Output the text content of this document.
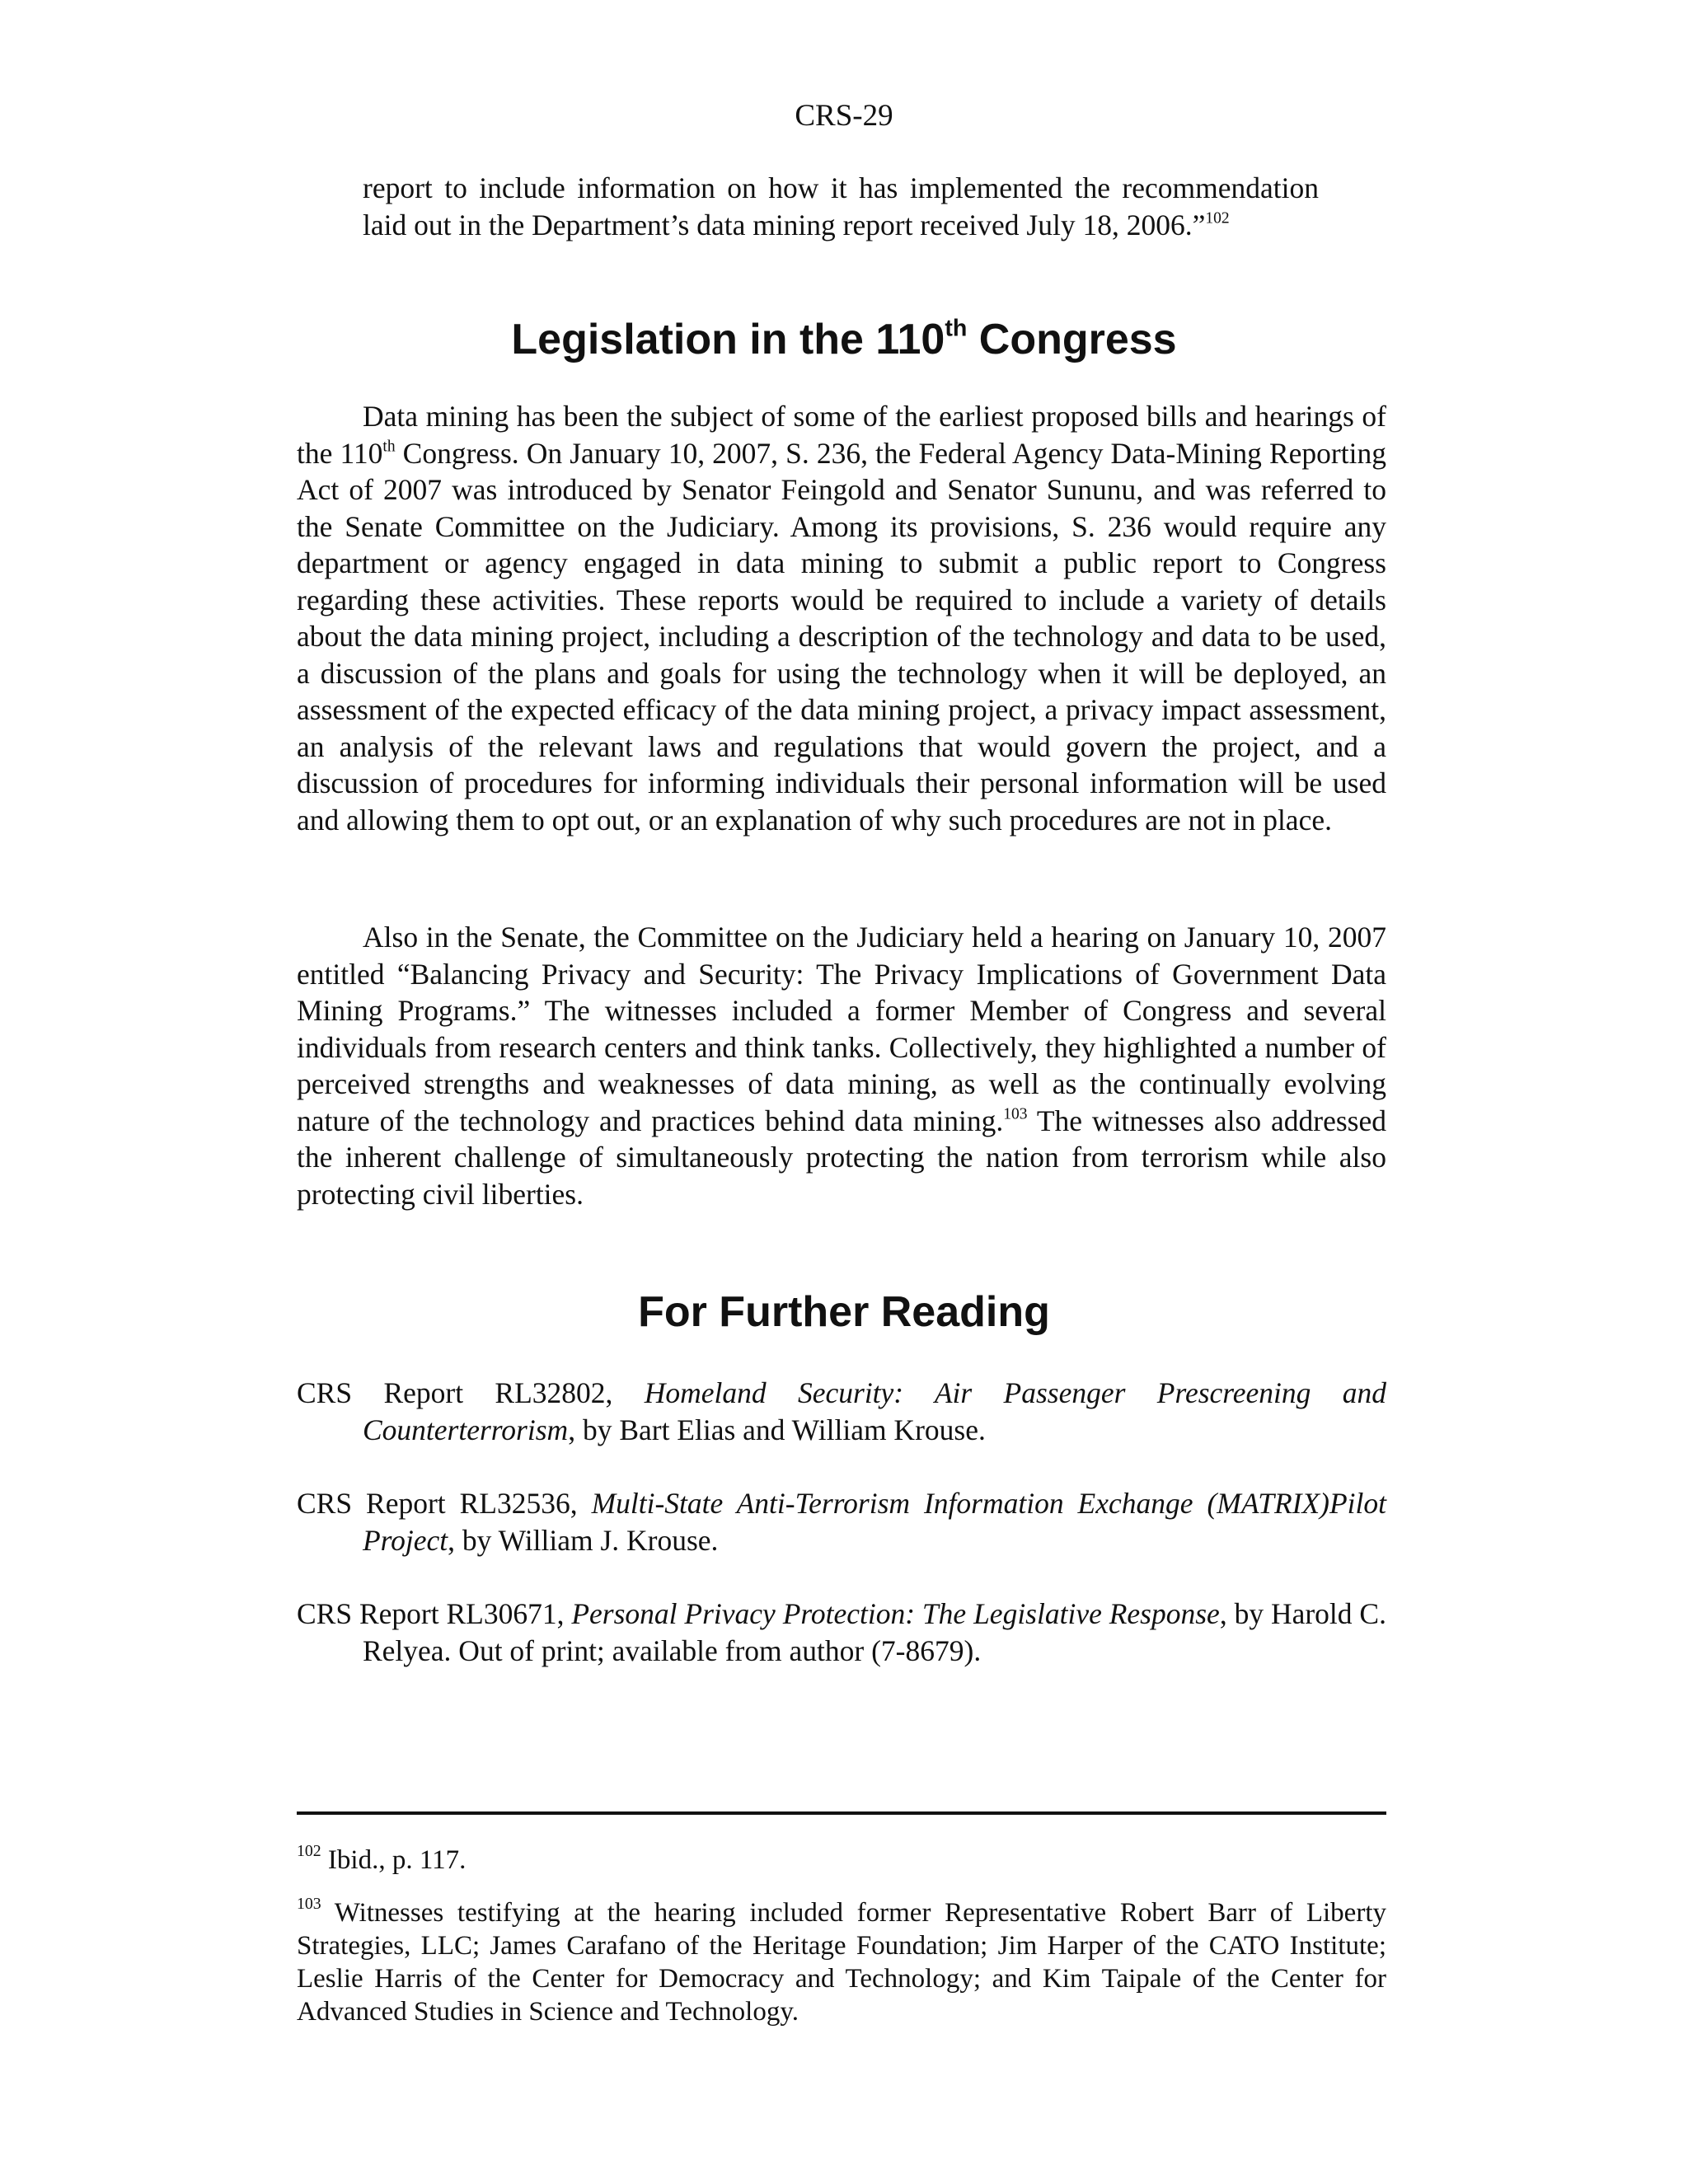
CRS-29

report to include information on how it has implemented the recommendation laid out in the Department’s data mining report received July 18, 2006.”$^{102}$

Legislation in the 110th Congress

Data mining has been the subject of some of the earliest proposed bills and hearings of the 110th Congress. On January 10, 2007, S. 236, the Federal Agency Data-Mining Reporting Act of 2007 was introduced by Senator Feingold and Senator Sununu, and was referred to the Senate Committee on the Judiciary. Among its provisions, S. 236 would require any department or agency engaged in data mining to submit a public report to Congress regarding these activities. These reports would be required to include a variety of details about the data mining project, including a description of the technology and data to be used, a discussion of the plans and goals for using the technology when it will be deployed, an assessment of the expected efficacy of the data mining project, a privacy impact assessment, an analysis of the relevant laws and regulations that would govern the project, and a discussion of procedures for informing individuals their personal information will be used and allowing them to opt out, or an explanation of why such procedures are not in place.

Also in the Senate, the Committee on the Judiciary held a hearing on January 10, 2007 entitled “Balancing Privacy and Security: The Privacy Implications of Government Data Mining Programs.” The witnesses included a former Member of Congress and several individuals from research centers and think tanks. Collectively, they highlighted a number of perceived strengths and weaknesses of data mining, as well as the continually evolving nature of the technology and practices behind data mining.$^{103}$ The witnesses also addressed the inherent challenge of simultaneously protecting the nation from terrorism while also protecting civil liberties.

For Further Reading

CRS Report RL32802, Homeland Security: Air Passenger Prescreening and Counterterrorism, by Bart Elias and William Krouse.

CRS Report RL32536, Multi-State Anti-Terrorism Information Exchange (MATRIX)Pilot Project, by William J. Krouse.

CRS Report RL30671, Personal Privacy Protection: The Legislative Response, by Harold C. Relyea. Out of print; available from author (7-8679).

$^{102}$ Ibid., p. 117.

$^{103}$ Witnesses testifying at the hearing included former Representative Robert Barr of Liberty Strategies, LLC; James Carafano of the Heritage Foundation; Jim Harper of the CATO Institute; Leslie Harris of the Center for Democracy and Technology; and Kim Taipale of the Center for Advanced Studies in Science and Technology.
